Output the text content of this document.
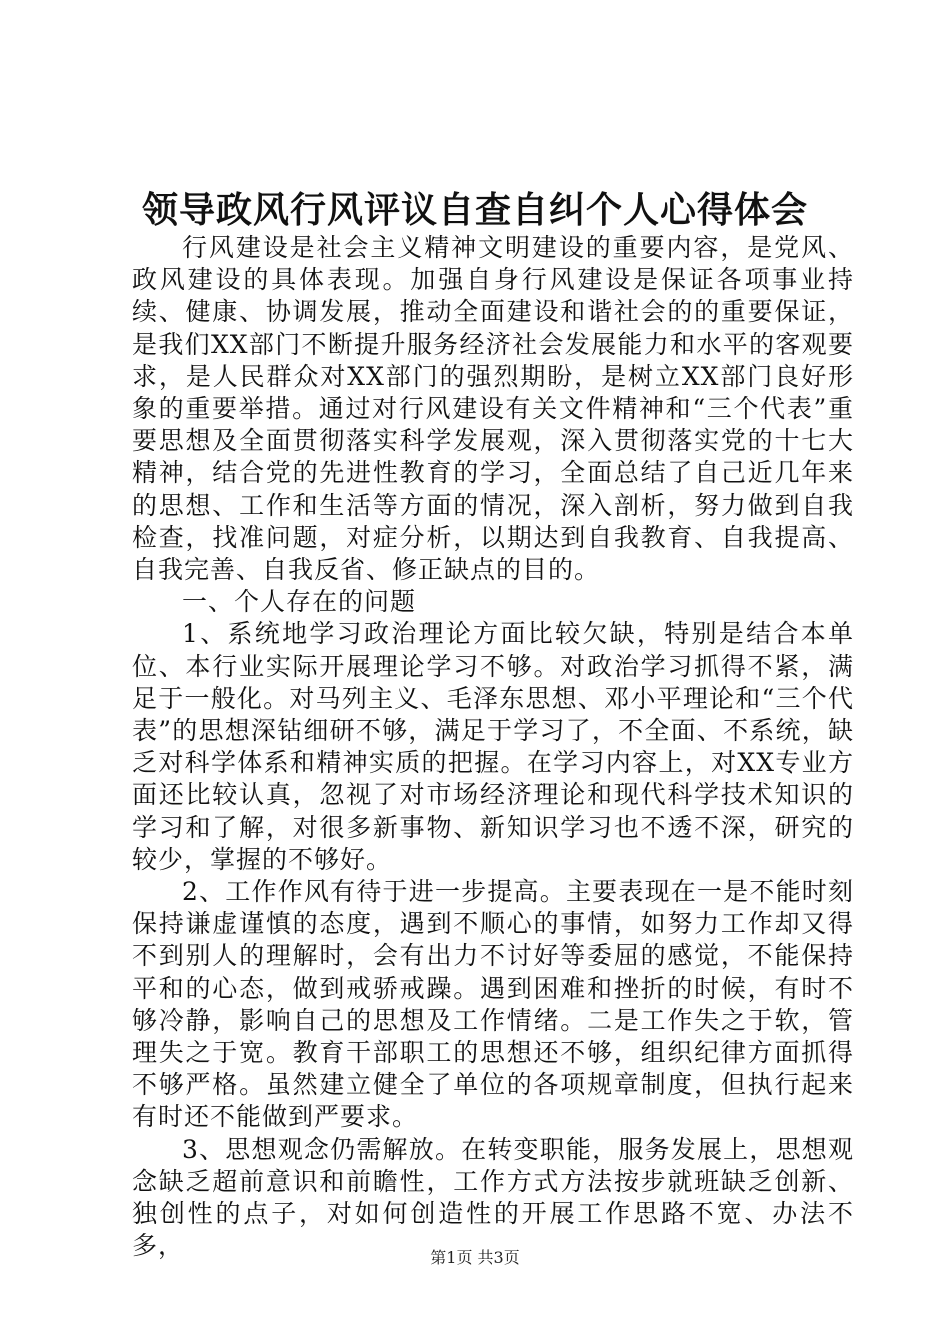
领导政风行风评议自查自纠个人心得体会

行风建设是社会主义精神文明建设的重要内容，是党风、政风建设的具体表现。加强自身行风建设是保证各项事业持续、健康、协调发展，推动全面建设和谐社会的的重要保证，是我们XX部门不断提升服务经济社会发展能力和水平的客观要求，是人民群众对XX部门的强烈期盼，是树立XX部门良好形象的重要举措。通过对行风建设有关文件精神和“三个代表”重要思想及全面贯彻落实科学发展观，深入贯彻落实党的十七大精神，结合党的先进性教育的学习，全面总结了自己近几年来的思想、工作和生活等方面的情况，深入剖析，努力做到自我检查，找准问题，对症分析，以期达到自我教育、自我提高、自我完善、自我反省、修正缺点的目的。

一、个人存在的问题

1、系统地学习政治理论方面比较欠缺，特别是结合本单位、本行业实际开展理论学习不够。对政治学习抓得不紧，满足于一般化。对马列主义、毛泽东思想、邓小平理论和“三个代表”的思想深钻细研不够，满足于学习了，不全面、不系统，缺乏对科学体系和精神实质的把握。在学习内容上，对XX专业方面还比较认真，忽视了对市场经济理论和现代科学技术知识的学习和了解，对很多新事物、新知识学习也不透不深，研究的较少，掌握的不够好。

2、工作作风有待于进一步提高。主要表现在一是不能时刻保持谦虚谨慎的态度，遇到不顺心的事情，如努力工作却又得不到别人的理解时，会有出力不讨好等委屈的感觉，不能保持平和的心态，做到戒骄戒躁。遇到困难和挫折的时候，有时不够冷静，影响自己的思想及工作情绪。二是工作失之于软，管理失之于宽。教育干部职工的思想还不够，组织纪律方面抓得不够严格。虽然建立健全了单位的各项规章制度，但执行起来有时还不能做到严要求。

3、思想观念仍需解放。在转变职能，服务发展上，思想观念缺乏超前意识和前瞻性，工作方式方法按步就班缺乏创新、独创性的点子，对如何创造性的开展工作思路不宽、办法不多，	第1页 共3页
